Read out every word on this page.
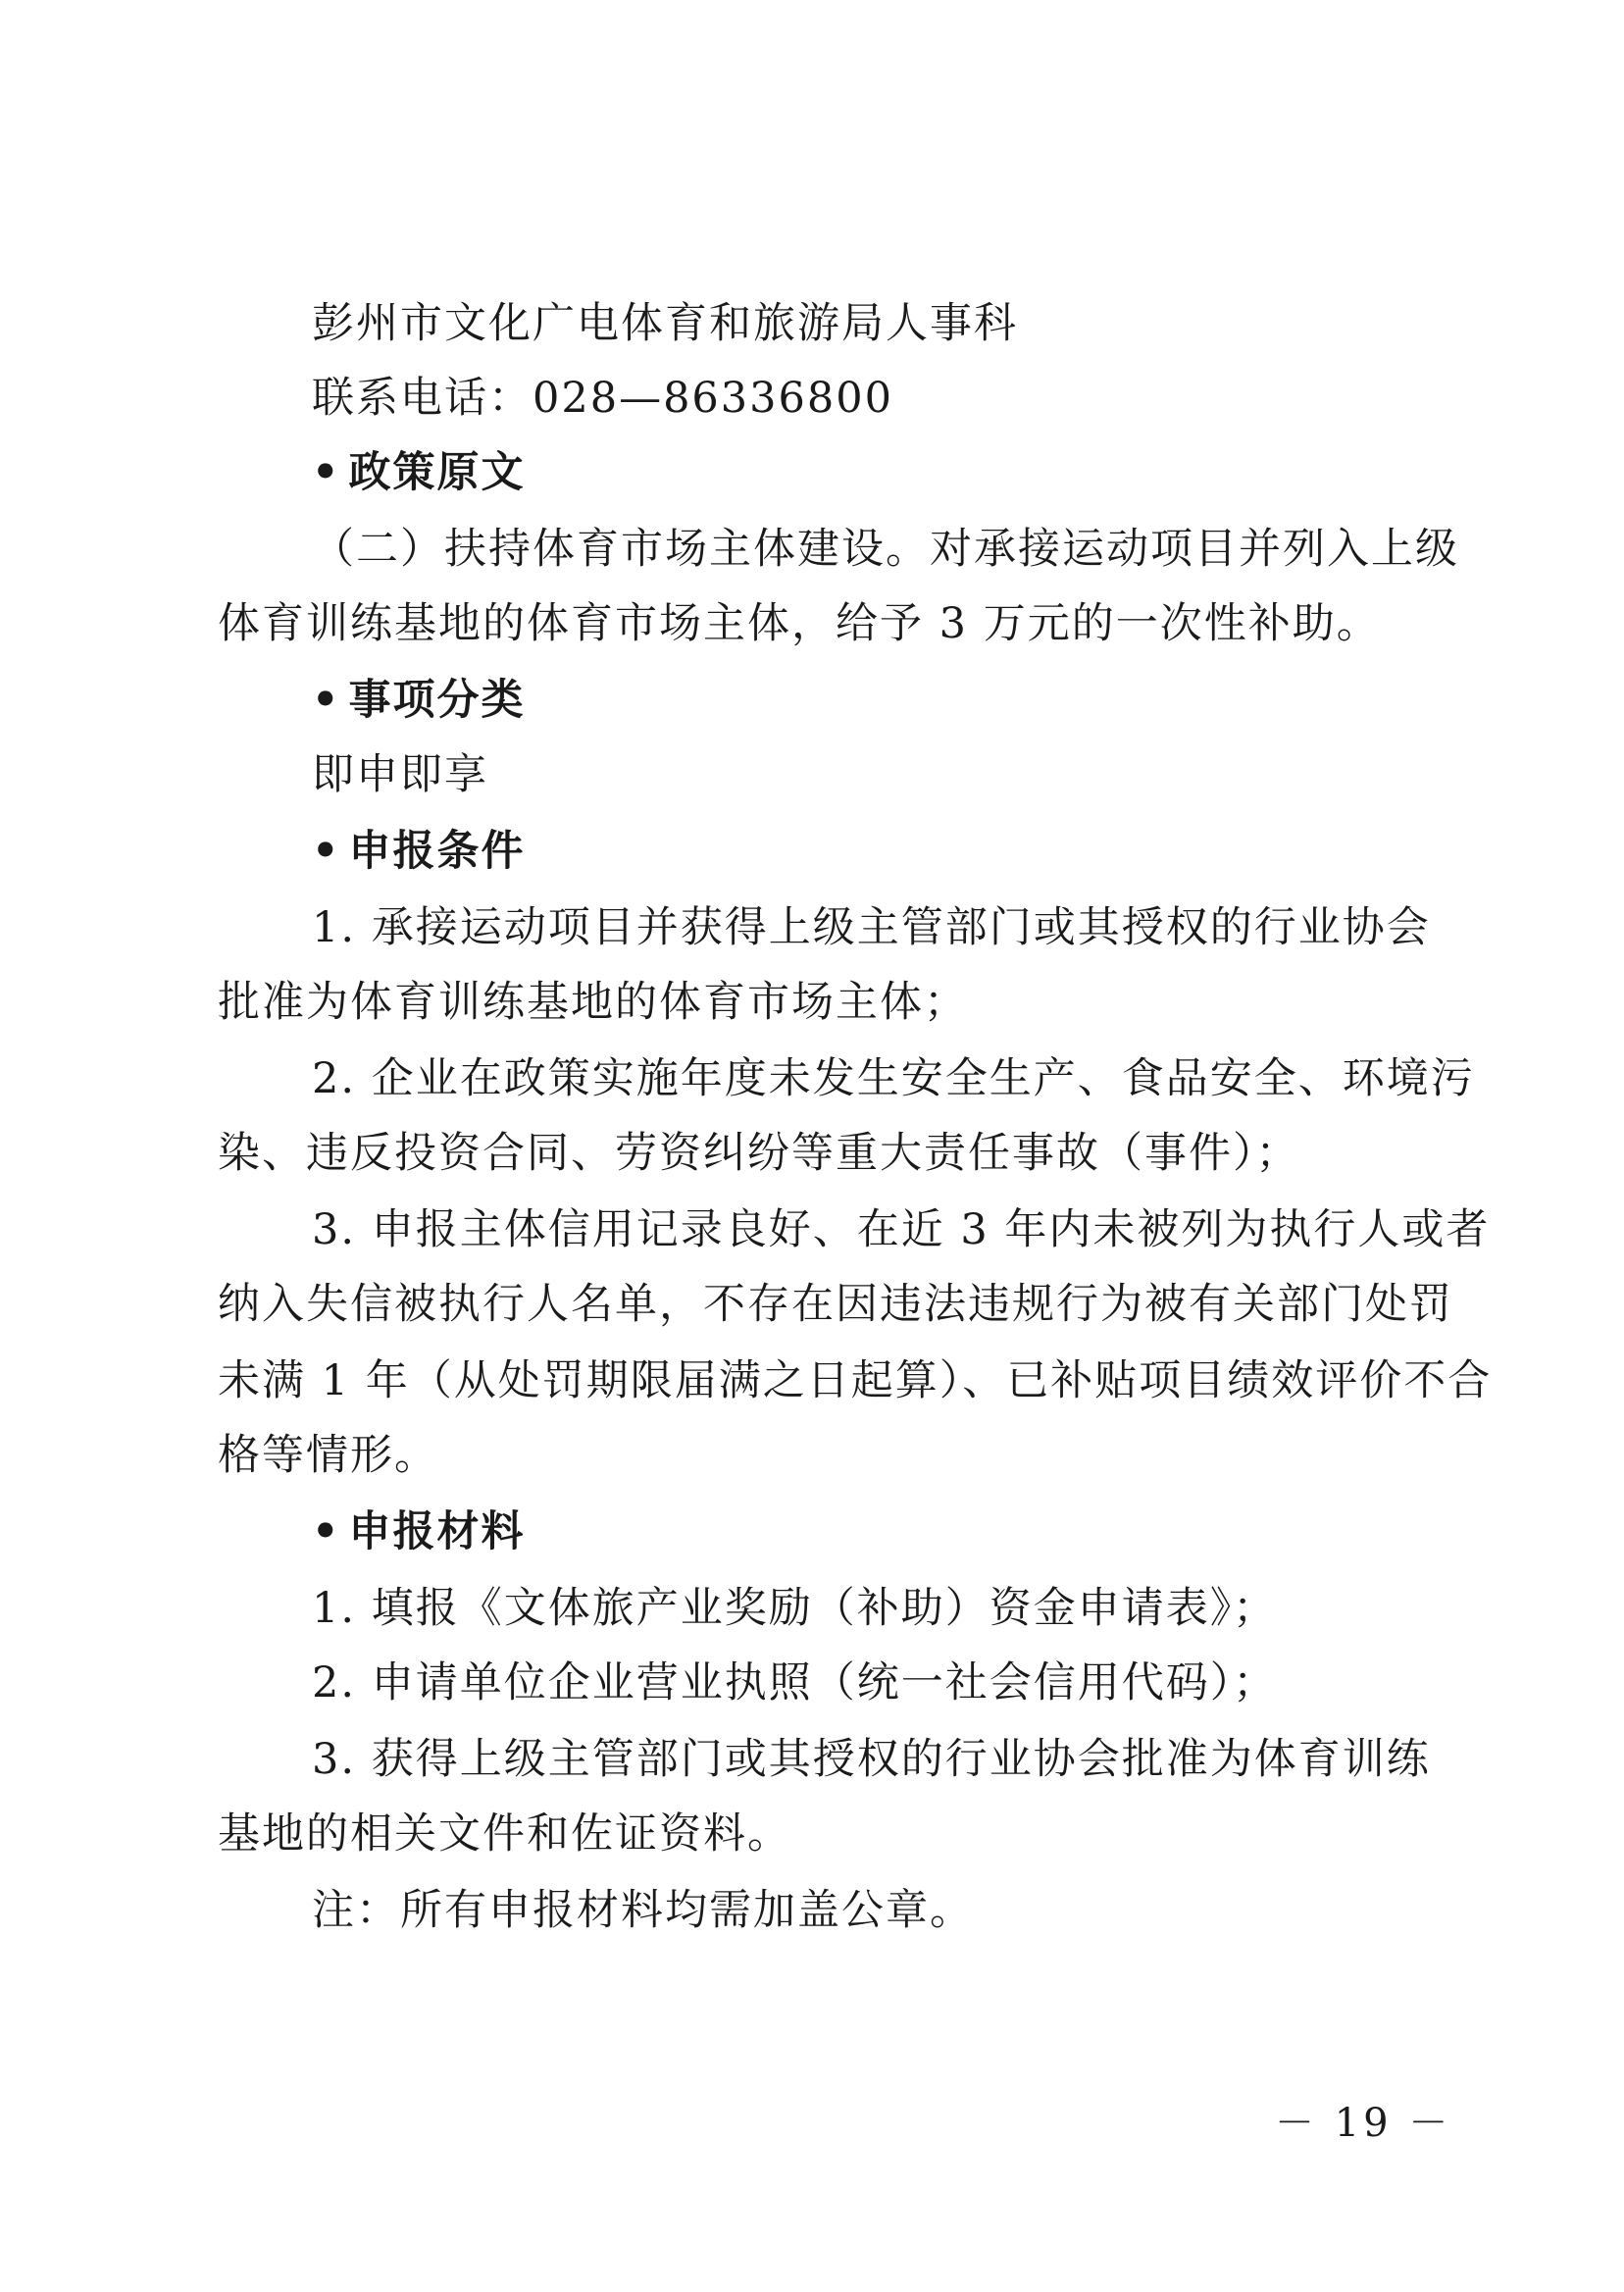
彭州市文化广电体育和旅游局人事科
联系电话：028—86336800
• 政策原文
（二）扶持体育市场主体建设。对承接运动项目并列入上级
体育训练基地的体育市场主体，给予 3 万元的一次性补助。
• 事项分类
即申即享
• 申报条件
1. 承接运动项目并获得上级主管部门或其授权的行业协会
批准为体育训练基地的体育市场主体；
2. 企业在政策实施年度未发生安全生产、食品安全、环境污
染、违反投资合同、劳资纠纷等重大责任事故（事件）；
3. 申报主体信用记录良好、在近 3 年内未被列为执行人或者
纳入失信被执行人名单，不存在因违法违规行为被有关部门处罚
未满 1 年（从处罚期限届满之日起算）、已补贴项目绩效评价不合
格等情形。
• 申报材料
1. 填报《文体旅产业奖励（补助）资金申请表》；
2. 申请单位企业营业执照（统一社会信用代码）；
3. 获得上级主管部门或其授权的行业协会批准为体育训练
基地的相关文件和佐证资料。
注：所有申报材料均需加盖公章。
－ 19 －
